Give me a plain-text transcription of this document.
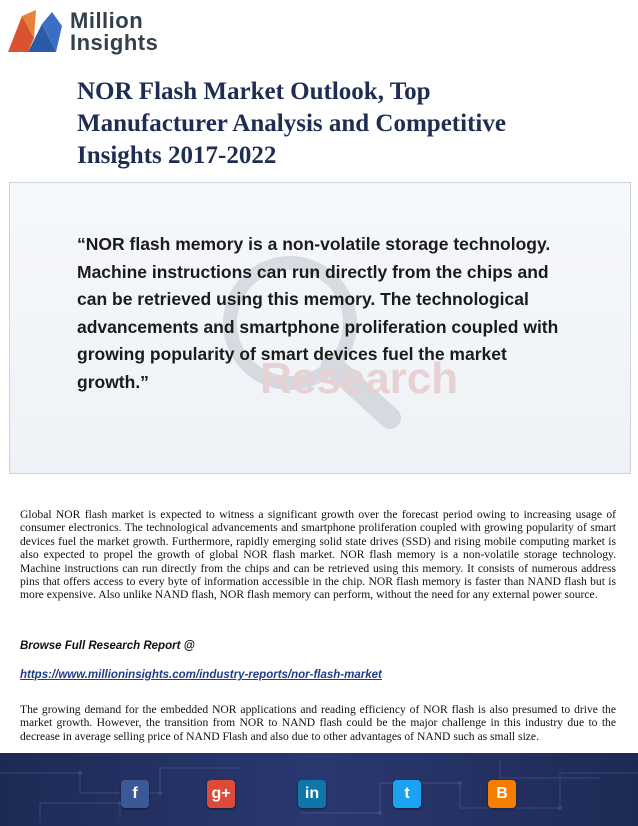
Million
Insights
NOR Flash Market Outlook, Top Manufacturer Analysis and Competitive Insights 2017-2022
Research
“NOR flash memory is a non-volatile storage technology. Machine instructions can run directly from the chips and can be retrieved using this memory. The technological advancements and smartphone proliferation coupled with growing popularity of smart devices fuel the market growth.”
Global NOR flash market is expected to witness a significant growth over the forecast period owing to increasing usage of consumer electronics. The technological advancements and smartphone proliferation coupled with growing popularity of smart devices fuel the market growth. Furthermore, rapidly emerging solid state drives (SSD) and rising mobile computing market is also expected to propel the growth of global NOR flash market. NOR flash memory is a non-volatile storage technology. Machine instructions can run directly from the chips and can be retrieved using this memory. It consists of numerous address pins that offers access to every byte of information accessible in the chip. NOR flash memory is faster than NAND flash but is more expensive. Also unlike NAND flash, NOR flash memory can perform, without the need for any external power source.
Browse Full Research Report @
https://www.millioninsights.com/industry-reports/nor-flash-market
The growing demand for the embedded NOR applications and reading efficiency of NOR flash is also presumed to drive the market growth. However, the transition from NOR to NAND flash could be the major challenge in this industry due to the decrease in average selling price of NAND Flash and also due to other advantages of NAND such as small size.
f	g+	in	t	B
